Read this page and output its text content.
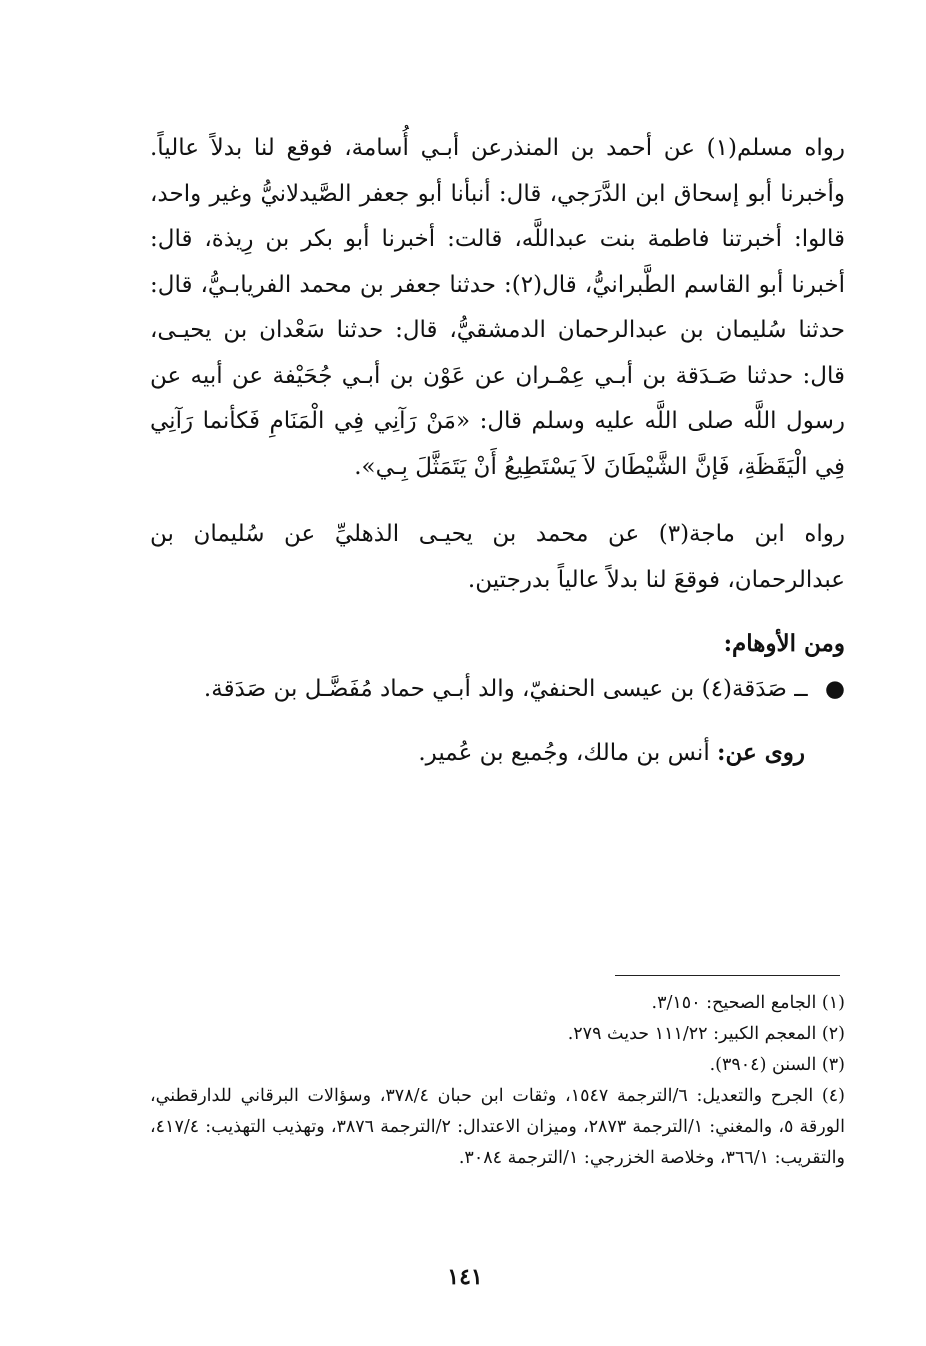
رواه مسلم(١) عن أحمد بن المنذرعن أبـي أُسامة، فوقع لنا بدلاً عالياً. وأخبرنا أبو إسحاق ابن الدَّرَجي، قال: أنبأنا أبو جعفر الصَّيدلانيُّ وغير واحد، قالوا: أخبرتنا فاطمة بنت عبداللَّه، قالت: أخبرنا أبو بكر بن رِيذة، قال: أخبرنا أبو القاسم الطَّبرانيُّ، قال(٢): حدثنا جعفر بن محمد الفريابـيُّ، قال: حدثنا سُليمان بن عبدالرحمان الدمشقيُّ، قال: حدثنا سَعْدان بن يحيـى، قال: حدثنا صَـدَقة بن أبـي عِمْـران عن عَوْن بن أبـي جُحَيْفة عن أبيه عن رسول اللَّه صلى اللَّه عليه وسلم قال: «مَنْ رَآنِي فِي الْمَنَامِ فَكأنما رَآنِي فِي الْيَقَظَةِ، فَإنَّ الشَّيْطَانَ لاَ يَسْتَطِيعُ أَنْ يَتَمَثَّلَ بِـي».

رواه ابن ماجة(٣) عن محمد بن يحيـى الذهليِّ عن سُليمان بن عبدالرحمان، فوقعَ لنا بدلاً عالياً بدرجتين.

ومن الأوهام:

● ــ صَدَقة(٤) بن عيسى الحنفيّ، والد أبـي حماد مُفَضَّـل بن صَدَقة.

روى عن: أنس بن مالك، وجُميع بن عُمير.

(١) الجامع الصحيح: ٣/١٥٠.

(٢) المعجم الكبير: ١١١/٢٢ حديث ٢٧٩.

(٣) السنن (٣٩٠٤).

(٤) الجرح والتعديل: ٦/الترجمة ١٥٤٧، وثقات ابن حبان ٣٧٨/٤، وسؤالات البرقاني للدارقطني، الورقة ٥، والمغني: ١/الترجمة ٢٨٧٣، وميزان الاعتدال: ٢/الترجمة ٣٨٧٦، وتهذيب التهذيب: ٤١٧/٤، والتقريب: ٣٦٦/١، وخلاصة الخزرجي: ١/الترجمة ٣٠٨٤.

١٤١
